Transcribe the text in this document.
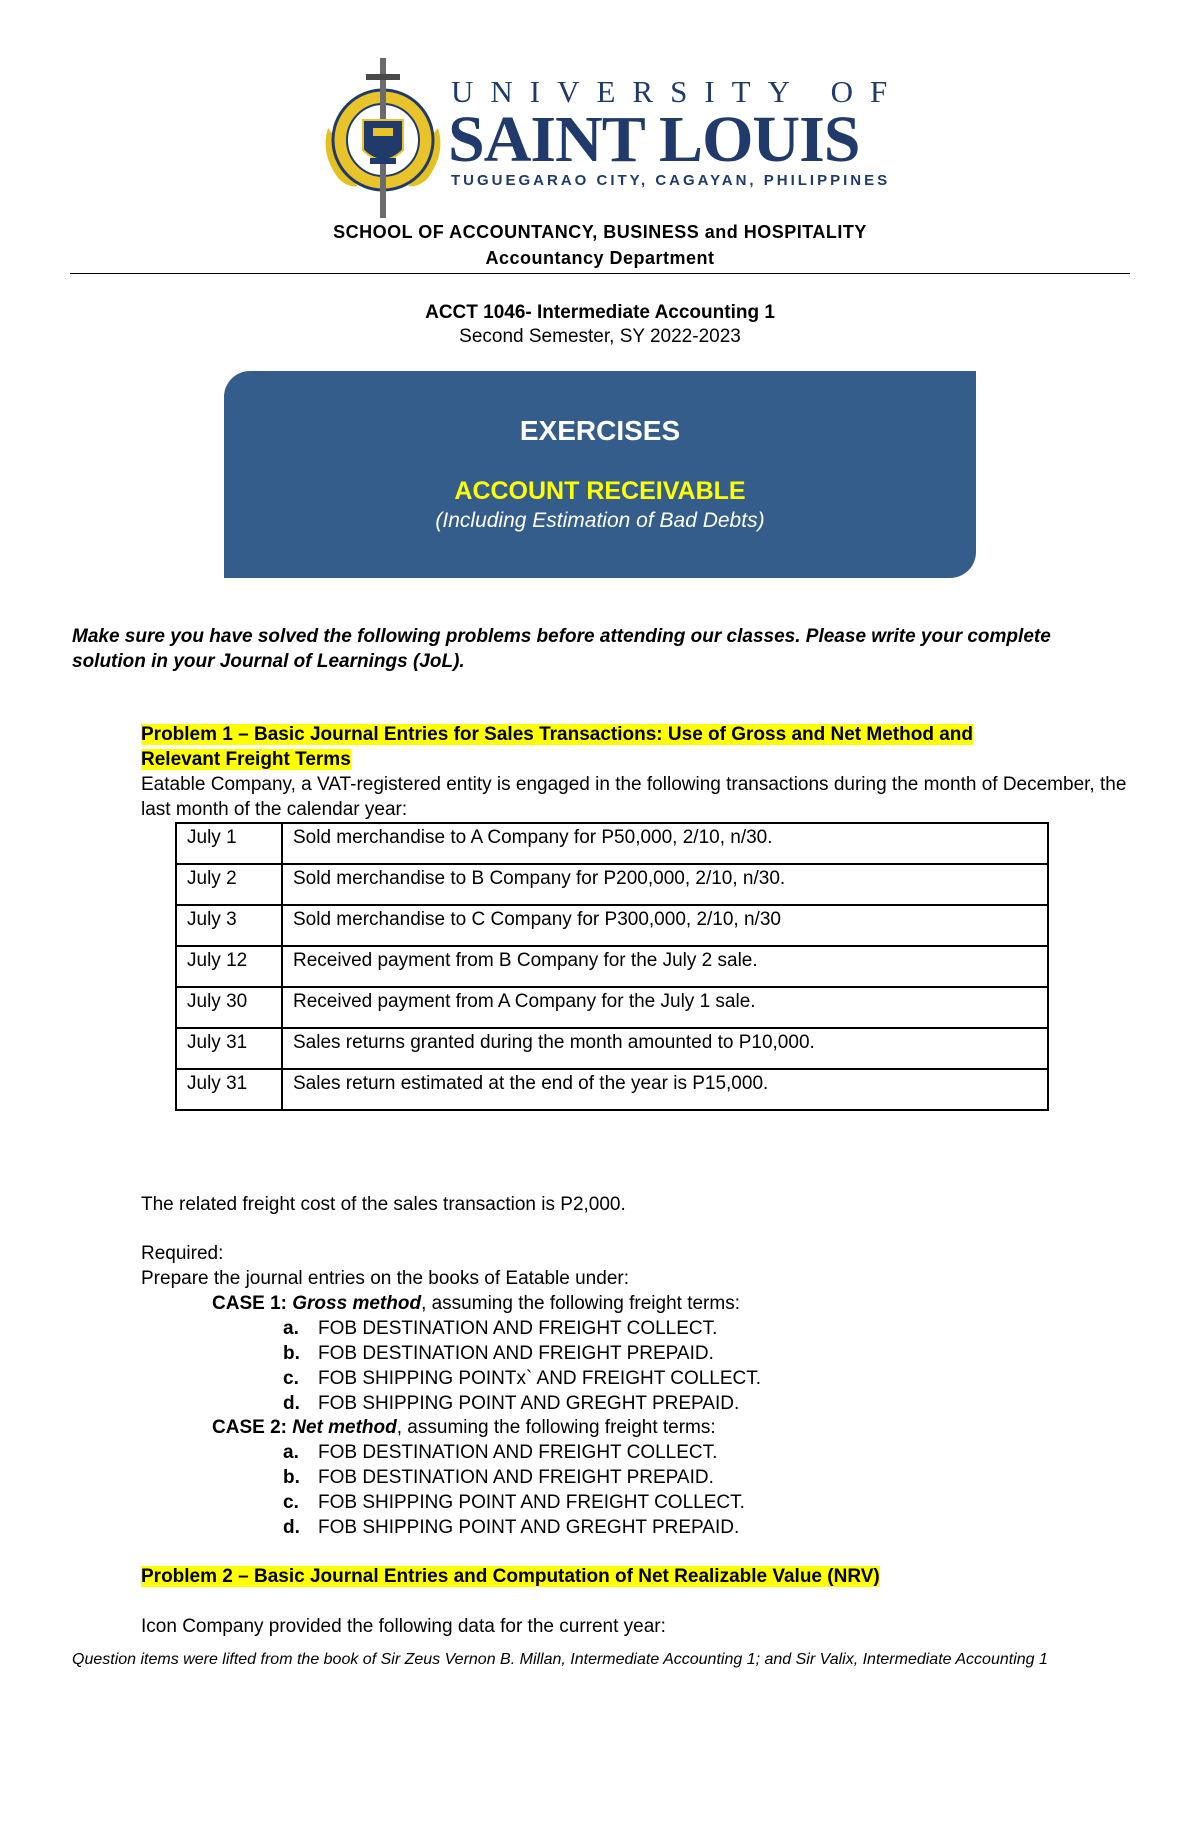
UNIVERSITY OF
SAINT LOUIS
TUGUEGARAO CITY, CAGAYAN, PHILIPPINES
SCHOOL OF ACCOUNTANCY, BUSINESS and HOSPITALITY
Accountancy Department
ACCT 1046- Intermediate Accounting 1
Second Semester, SY 2022-2023
EXERCISES
ACCOUNT RECEIVABLE
(Including Estimation of Bad Debts)
Make sure you have solved the following problems before attending our classes. Please write your complete solution in your Journal of Learnings (JoL).
Problem 1 – Basic Journal Entries for Sales Transactions: Use of Gross and Net Method and
Relevant Freight Terms
Eatable Company, a VAT-registered entity is engaged in the following transactions during the month of December, the last month of the calendar year:
July 1	Sold merchandise to A Company for P50,000, 2/10, n/30.
July 2	Sold merchandise to B Company for P200,000, 2/10, n/30.
July 3	Sold merchandise to C Company for P300,000, 2/10, n/30
July 12	Received payment from B Company for the July 2 sale.
July 30	Received payment from A Company for the July 1 sale.
July 31	Sales returns granted during the month amounted to P10,000.
July 31	Sales return estimated at the end of the year is P15,000.
The related freight cost of the sales transaction is P2,000.
Required:
Prepare the journal entries on the books of Eatable under:
CASE 1: Gross method, assuming the following freight terms:
a. FOB DESTINATION AND FREIGHT COLLECT.
b. FOB DESTINATION AND FREIGHT PREPAID.
c. FOB SHIPPING POINTx` AND FREIGHT COLLECT.
d. FOB SHIPPING POINT AND GREGHT PREPAID.
CASE 2: Net method, assuming the following freight terms:
a. FOB DESTINATION AND FREIGHT COLLECT.
b. FOB DESTINATION AND FREIGHT PREPAID.
c. FOB SHIPPING POINT AND FREIGHT COLLECT.
d. FOB SHIPPING POINT AND GREGHT PREPAID.
Problem 2 – Basic Journal Entries and Computation of Net Realizable Value (NRV)
Icon Company provided the following data for the current year:
Question items were lifted from the book of Sir Zeus Vernon B. Millan, Intermediate Accounting 1; and Sir Valix, Intermediate Accounting 1
